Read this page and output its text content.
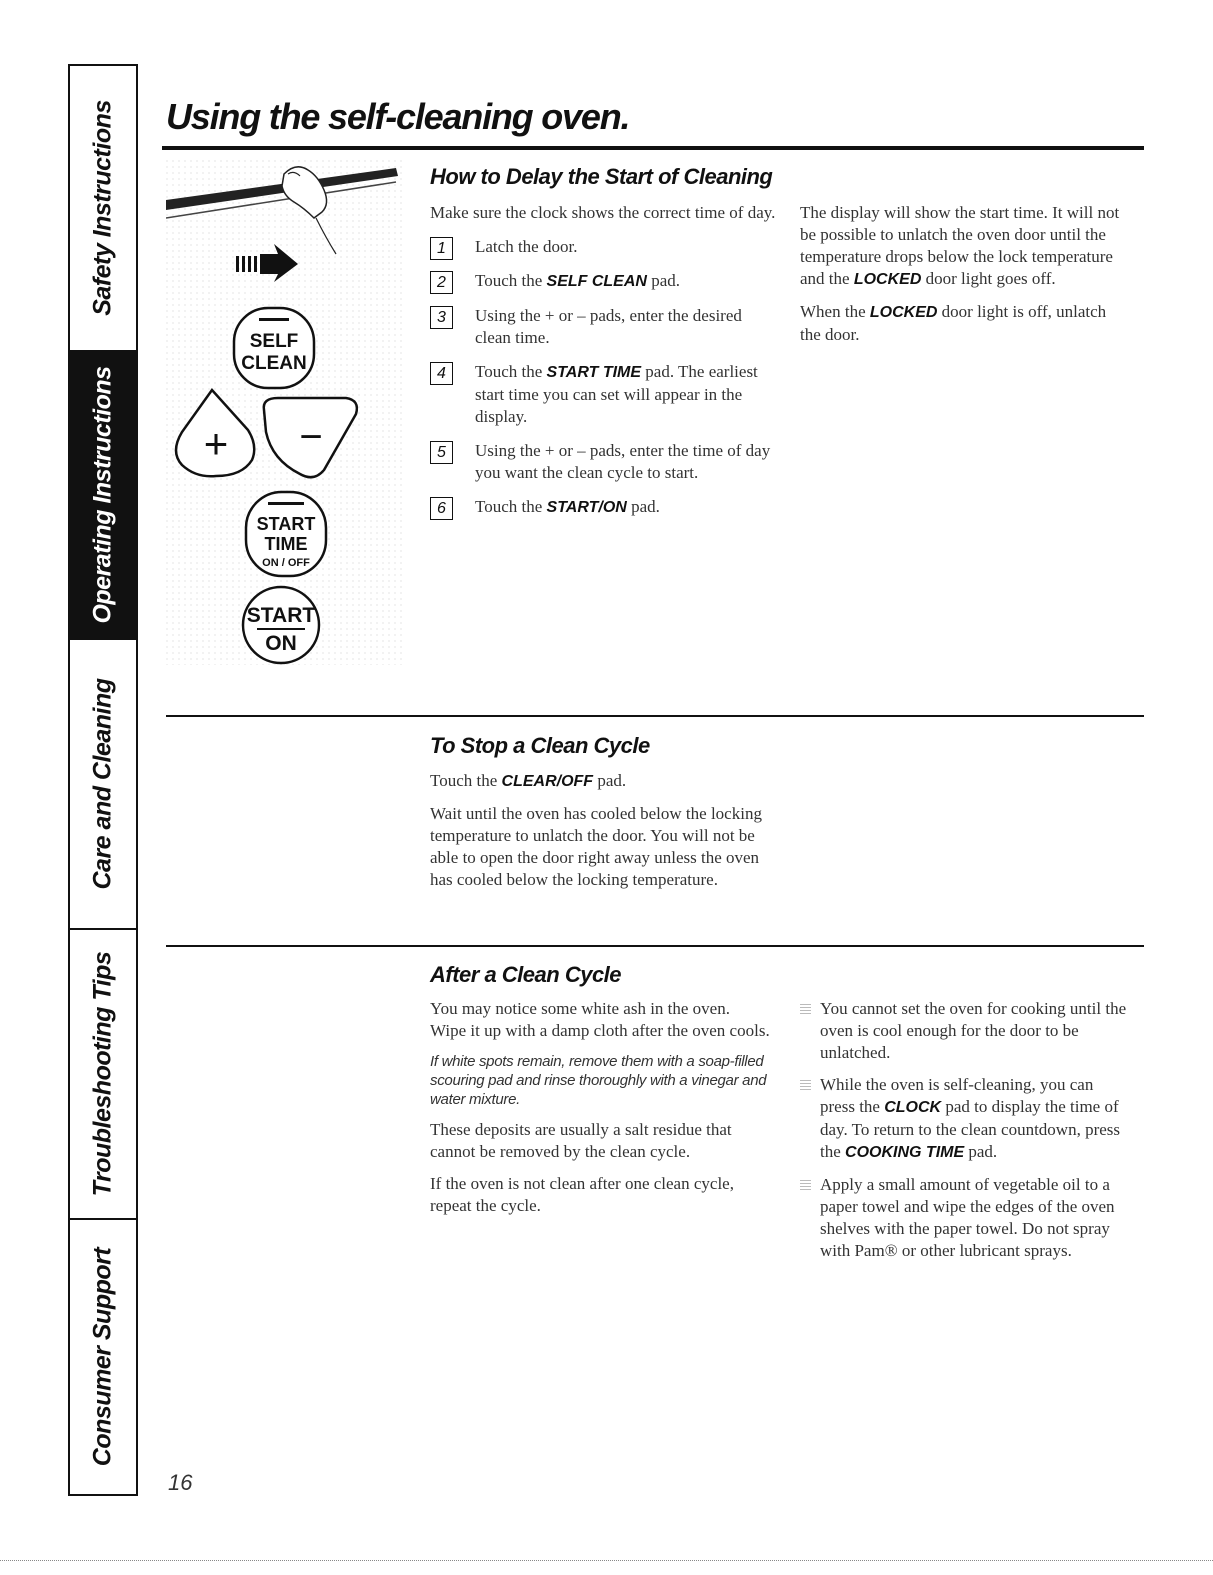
Safety Instructions
Operating Instructions
Care and Cleaning
Troubleshooting Tips
Consumer Support
Using the self-cleaning oven.
SELF
CLEAN
+ −
START
TIME
ON / OFF
START
ON
How to Delay the Start of Cleaning

Make sure the clock shows the correct time of day.

1	Latch the door.
2	Touch the SELF CLEAN pad.
3	Using the + or – pads, enter the desired clean time.
4	Touch the START TIME pad. The earliest start time you can set will appear in the display.
5	Using the + or – pads, enter the time of day you want the clean cycle to start.
6	Touch the START/ON pad.

The display will show the start time. It will not be possible to unlatch the oven door until the temperature drops below the lock temperature and the LOCKED door light goes off.

When the LOCKED door light is off, unlatch the door.

To Stop a Clean Cycle

Touch the CLEAR/OFF pad.

Wait until the oven has cooled below the locking temperature to unlatch the door. You will not be able to open the door right away unless the oven has cooled below the locking temperature.

After a Clean Cycle

You may notice some white ash in the oven. Wipe it up with a damp cloth after the oven cools.

If white spots remain, remove them with a soap-filled scouring pad and rinse thoroughly with a vinegar and water mixture.

These deposits are usually a salt residue that cannot be removed by the clean cycle.

If the oven is not clean after one clean cycle, repeat the cycle.

You cannot set the oven for cooking until the oven is cool enough for the door to be unlatched.
While the oven is self-cleaning, you can press the CLOCK pad to display the time of day. To return to the clean countdown, press the COOKING TIME pad.
Apply a small amount of vegetable oil to a paper towel and wipe the edges of the oven shelves with the paper towel. Do not spray with Pam® or other lubricant sprays.
16
